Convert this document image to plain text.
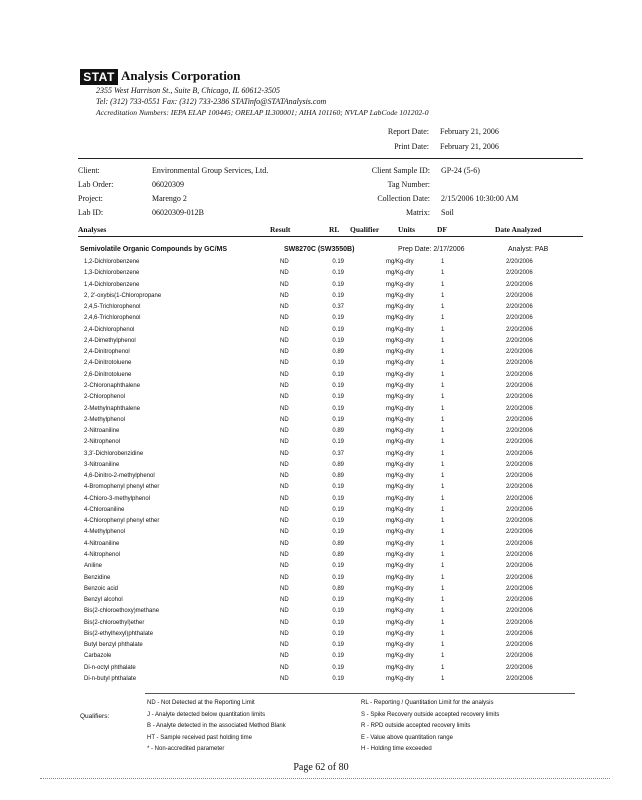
STAT Analysis Corporation
2355 West Harrison St., Suite B, Chicago, IL 60612-3505
Tel: (312) 733-0551 Fax: (312) 733-2386 STATinfo@STATAnalysis.com
Accreditation Numbers: IEPA ELAP 100445; ORELAP IL300001; AIHA 101160; NVLAP LabCode 101202-0
Report Date: February 21, 2006
Print Date: February 21, 2006
Client:	Environmental Group Services, Ltd.
Lab Order:	06020309
Project:	Marengo 2
Lab ID:	06020309-012B
Client Sample ID: GP-24 (5-6)
Tag Number:
Collection Date: 2/15/2006 10:30:00 AM
Matrix: Soil
Analyses	Result	RL Qualifier	Units	DF	Date Analyzed
Semivolatile Organic Compounds by GC/MS	SW8270C (SW3550B)	Prep Date: 2/17/2006	Analyst: PAB
1,2-Dichlorobenzene	ND	0.19	mg/Kg-dry	1	2/20/2006
1,3-Dichlorobenzene	ND	0.19	mg/Kg-dry	1	2/20/2006
1,4-Dichlorobenzene	ND	0.19	mg/Kg-dry	1	2/20/2006
2, 2'-oxybis(1-Chloropropane	ND	0.19	mg/Kg-dry	1	2/20/2006
2,4,5-Trichlorophenol	ND	0.37	mg/Kg-dry	1	2/20/2006
2,4,6-Trichlorophenol	ND	0.19	mg/Kg-dry	1	2/20/2006
2,4-Dichlorophenol	ND	0.19	mg/Kg-dry	1	2/20/2006
2,4-Dimethylphenol	ND	0.19	mg/Kg-dry	1	2/20/2006
2,4-Dinitrophenol	ND	0.89	mg/Kg-dry	1	2/20/2006
2,4-Dinitrotoluene	ND	0.19	mg/Kg-dry	1	2/20/2006
2,6-Dinitrotoluene	ND	0.19	mg/Kg-dry	1	2/20/2006
2-Chloronaphthalene	ND	0.19	mg/Kg-dry	1	2/20/2006
2-Chlorophenol	ND	0.19	mg/Kg-dry	1	2/20/2006
2-Methylnaphthalene	ND	0.19	mg/Kg-dry	1	2/20/2006
2-Methylphenol	ND	0.19	mg/Kg-dry	1	2/20/2006
2-Nitroaniline	ND	0.89	mg/Kg-dry	1	2/20/2006
2-Nitrophenol	ND	0.19	mg/Kg-dry	1	2/20/2006
3,3'-Dichlorobenzidine	ND	0.37	mg/Kg-dry	1	2/20/2006
3-Nitroaniline	ND	0.89	mg/Kg-dry	1	2/20/2006
4,6-Dinitro-2-methylphenol	ND	0.89	mg/Kg-dry	1	2/20/2006
4-Bromophenyl phenyl ether	ND	0.19	mg/Kg-dry	1	2/20/2006
4-Chloro-3-methylphenol	ND	0.19	mg/Kg-dry	1	2/20/2006
4-Chloroaniline	ND	0.19	mg/Kg-dry	1	2/20/2006
4-Chlorophenyl phenyl ether	ND	0.19	mg/Kg-dry	1	2/20/2006
4-Methylphenol	ND	0.19	mg/Kg-dry	1	2/20/2006
4-Nitroaniline	ND	0.89	mg/Kg-dry	1	2/20/2006
4-Nitrophenol	ND	0.89	mg/Kg-dry	1	2/20/2006
Aniline	ND	0.19	mg/Kg-dry	1	2/20/2006
Benzidine	ND	0.19	mg/Kg-dry	1	2/20/2006
Benzoic acid	ND	0.89	mg/Kg-dry	1	2/20/2006
Benzyl alcohol	ND	0.19	mg/Kg-dry	1	2/20/2006
Bis(2-chloroethoxy)methane	ND	0.19	mg/Kg-dry	1	2/20/2006
Bis(2-chloroethyl)ether	ND	0.19	mg/Kg-dry	1	2/20/2006
Bis(2-ethylhexyl)phthalate	ND	0.19	mg/Kg-dry	1	2/20/2006
Butyl benzyl phthalate	ND	0.19	mg/Kg-dry	1	2/20/2006
Carbazole	ND	0.19	mg/Kg-dry	1	2/20/2006
Di-n-octyl phthalate	ND	0.19	mg/Kg-dry	1	2/20/2006
Di-n-butyl phthalate	ND	0.19	mg/Kg-dry	1	2/20/2006
Qualifiers:
ND - Not Detected at the Reporting Limit
J - Analyte detected below quantitation limits
B - Analyte detected in the associated Method Blank
HT - Sample received past holding time
* - Non-accredited parameter
RL - Reporting / Quantitation Limit for the analysis
S - Spike Recovery outside accepted recovery limits
R - RPD outside accepted recovery limits
E - Value above quantitation range
H - Holding time exceeded
Page 62 of 80
